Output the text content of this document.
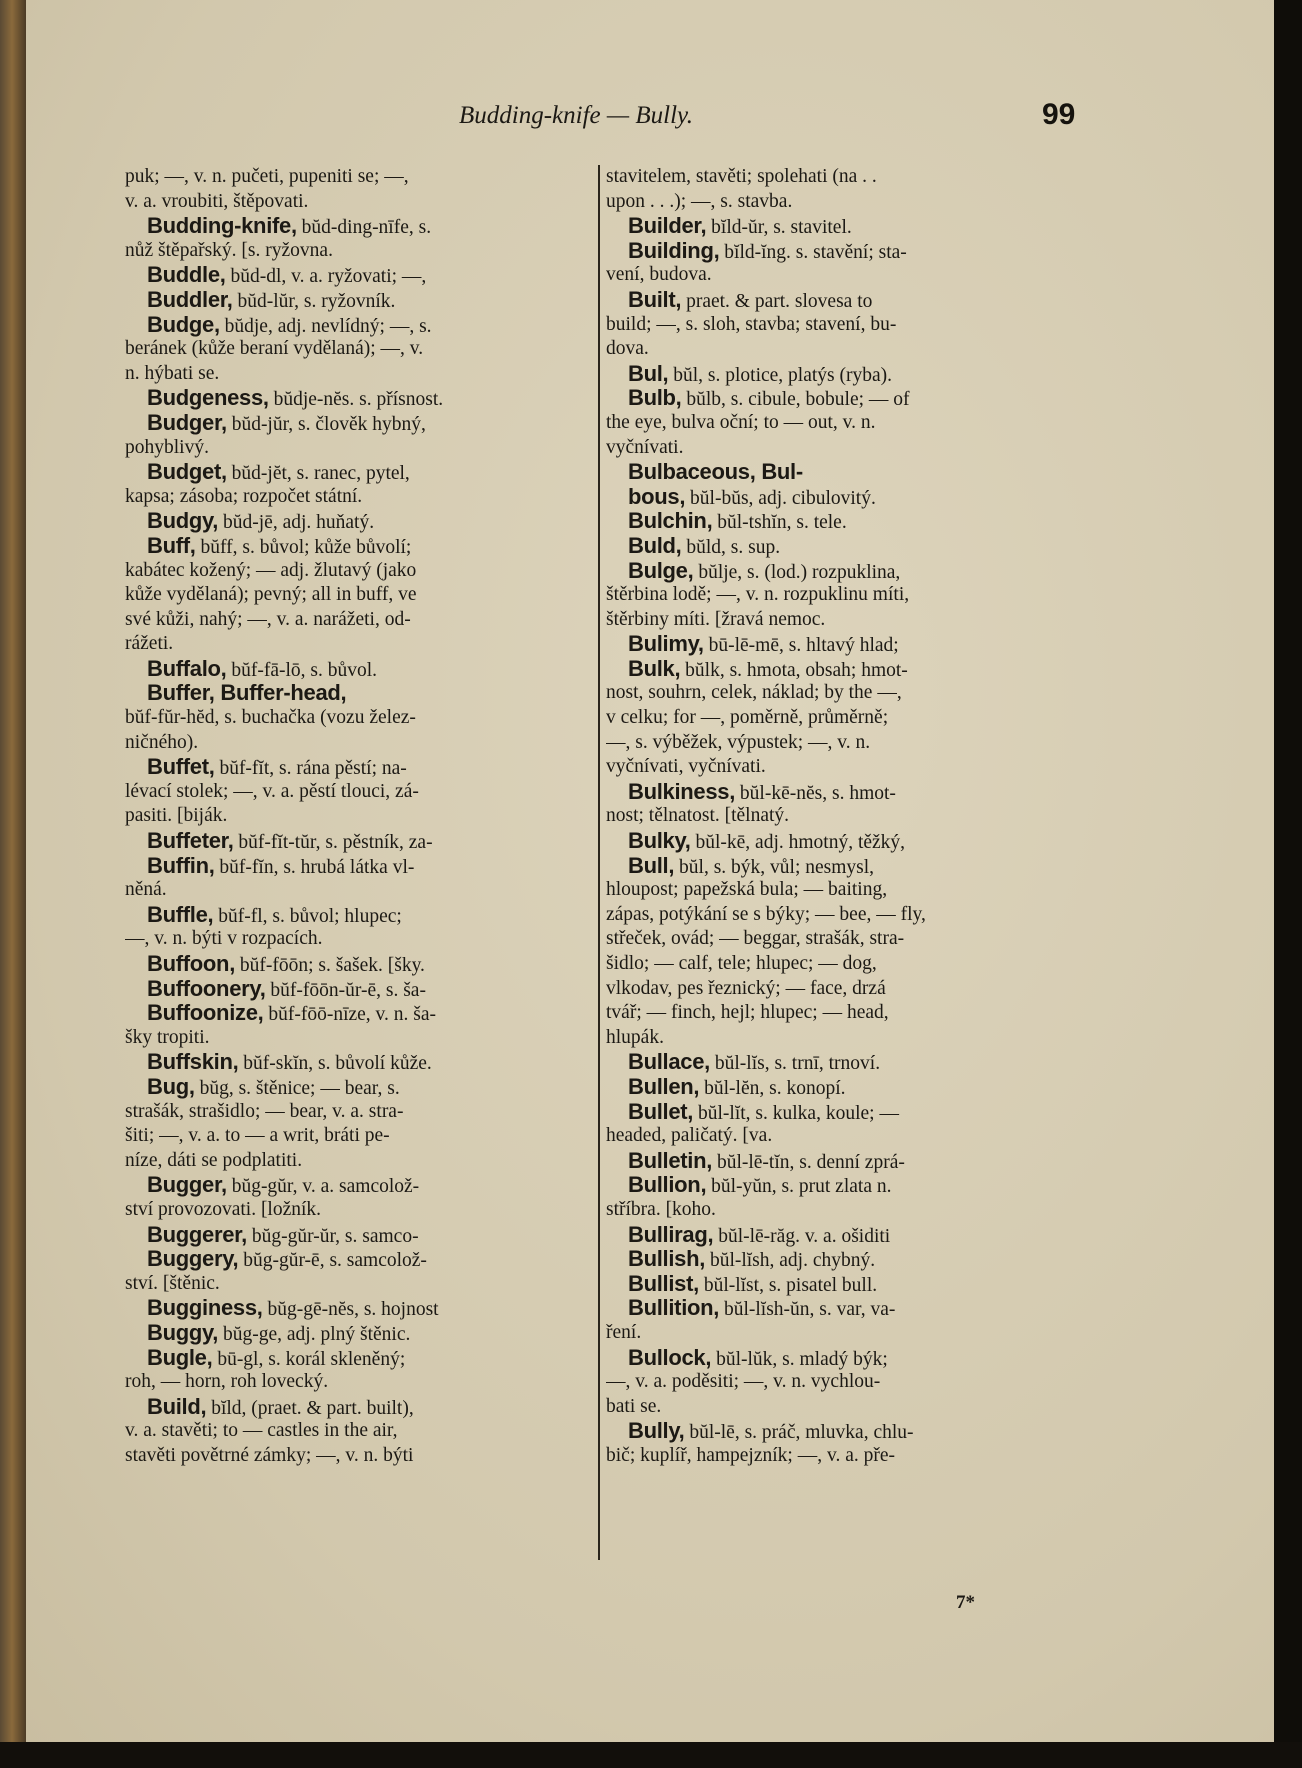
Budding-knife — Bully.	99
puk; —, v. n. pučeti, pupeniti se; —,
v. a. vroubiti, štěpovati.
Budding-knife, bŭd-ding-nīfe, s.
nůž štěpařský. [s. ryžovna.
Buddle, bŭd-dl, v. a. ryžovati; —,
Buddler, bŭd-lŭr, s. ryžovník.
Budge, bŭdje, adj. nevlídný; —, s.
beránek (kůže beraní vydělaná); —, v.
n. hýbati se.
Budgeness, bŭdje-nĕs. s. přísnost.
Budger, bŭd-jŭr, s. člověk hybný,
pohyblivý.
Budget, bŭd-jĕt, s. ranec, pytel,
kapsa; zásoba; rozpočet státní.
Budgy, bŭd-jē, adj. huňatý.
Buff, bŭff, s. bůvol; kůže bůvolí;
kabátec kožený; — adj. žlutavý (jako
kůže vydělaná); pevný; all in buff, ve
své kůži, nahý; —, v. a. narážeti, od-
rážeti.
Buffalo, bŭf-fā-lō, s. bůvol.
Buffer, Buffer-head,
bŭf-fŭr-hĕd, s. buchačka (vozu želez-
ničného).
Buffet, bŭf-fĭt, s. rána pěstí; na-
lévací stolek; —, v. a. pěstí tlouci, zá-
pasiti. [biják.
Buffeter, bŭf-fĭt-tŭr, s. pěstník, za-
Buffin, bŭf-fĭn, s. hrubá látka vl-
něná.
Buffle, bŭf-fl, s. bůvol; hlupec;
—, v. n. býti v rozpacích.
Buffoon, bŭf-fōōn; s. šašek. [šky.
Buffoonery, bŭf-fōōn-ŭr-ē, s. ša-
Buffoonize, bŭf-fōō-nīze, v. n. ša-
šky tropiti.
Buffskin, bŭf-skĭn, s. bůvolí kůže.
Bug, bŭg, s. štěnice; — bear, s.
strašák, strašidlo; — bear, v. a. stra-
šiti; —, v. a. to — a writ, bráti pe-
níze, dáti se podplatiti.
Bugger, bŭg-gŭr, v. a. samcolož-
ství provozovati. [ložník.
Buggerer, bŭg-gŭr-ŭr, s. samco-
Buggery, bŭg-gŭr-ē, s. samcolož-
ství. [štěnic.
Bugginess, bŭg-gē-nĕs, s. hojnost
Buggy, bŭg-ge, adj. plný štěnic.
Bugle, bū-gl, s. korál skleněný;
roh, — horn, roh lovecký.
Build, bĭld, (praet. & part. built),
v. a. stavěti; to — castles in the air,
stavěti povětrné zámky; —, v. n. býti
stavitelem, stavěti; spolehati (na . .
upon . . .); —, s. stavba.
Builder, bĭld-ŭr, s. stavitel.
Building, bĭld-ĭng. s. stavění; sta-
vení, budova.
Built, praet. & part. slovesa to
build; —, s. sloh, stavba; stavení, bu-
dova.
Bul, bŭl, s. plotice, platýs (ryba).
Bulb, bŭlb, s. cibule, bobule; — of
the eye, bulva oční; to — out, v. n.
vyčnívati.
Bulbaceous, Bul-
bous, bŭl-bŭs, adj. cibulovitý.
Bulchin, bŭl-tshĭn, s. tele.
Buld, bŭld, s. sup.
Bulge, bŭlje, s. (lod.) rozpuklina,
štěrbina lodě; —, v. n. rozpuklinu míti,
štěrbiny míti. [žravá nemoc.
Bulimy, bū-lē-mē, s. hltavý hlad;
Bulk, bŭlk, s. hmota, obsah; hmot-
nost, souhrn, celek, náklad; by the —,
v celku; for —, poměrně, průměrně;
—, s. výběžek, výpustek; —, v. n.
vyčnívati, vyčnívati.
Bulkiness, bŭl-kē-nĕs, s. hmot-
nost; tělnatost. [tělnatý.
Bulky, bŭl-kē, adj. hmotný, těžký,
Bull, bŭl, s. býk, vůl; nesmysl,
hloupost; papežská bula; — baiting,
zápas, potýkání se s býky; — bee, — fly,
střeček, ovád; — beggar, strašák, stra-
šidlo; — calf, tele; hlupec; — dog,
vlkodav, pes řeznický; — face, drzá
tvář; — finch, hejl; hlupec; — head,
hlupák.
Bullace, bŭl-lĭs, s. trnī, trnoví.
Bullen, bŭl-lĕn, s. konopí.
Bullet, bŭl-lĭt, s. kulka, koule; —
headed, paličatý. [va.
Bulletin, bŭl-lē-tĭn, s. denní zprá-
Bullion, bŭl-yŭn, s. prut zlata n.
stříbra. [koho.
Bullirag, bŭl-lē-răg. v. a. ošiditi
Bullish, bŭl-lĭsh, adj. chybný.
Bullist, bŭl-lĭst, s. pisatel bull.
Bullition, bŭl-lĭsh-ŭn, s. var, va-
ření.
Bullock, bŭl-lŭk, s. mladý býk;
—, v. a. poděsiti; —, v. n. vychlou-
bati se.
Bully, bŭl-lē, s. práč, mluvka, chlu-
bič; kuplíř, hampejzník; —, v. a. pře-
7*
